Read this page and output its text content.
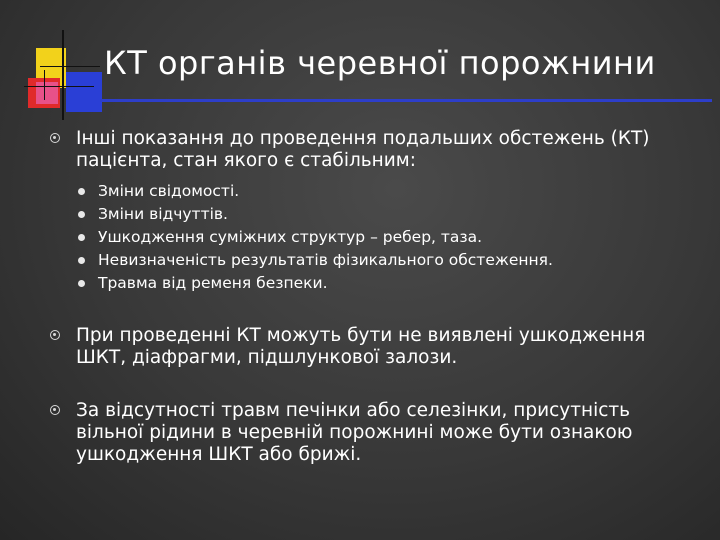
КТ органів черевної порожнини
Інші показання до проведення подальших обстежень (КТ) пацієнта, стан якого є стабільним:
Зміни свідомості.
Зміни відчуттів.
Ушкодження суміжних структур – ребер, таза.
Невизначеність результатів фізикального обстеження.
Травма від ременя безпеки.
При проведенні КТ можуть бути не виявлені ушкодження ШКТ, діафрагми, підшлункової залози.
За відсутності травм печінки або селезінки, присутність вільної рідини в черевній порожнині може бути ознакою ушкодження ШКТ або брижі.
